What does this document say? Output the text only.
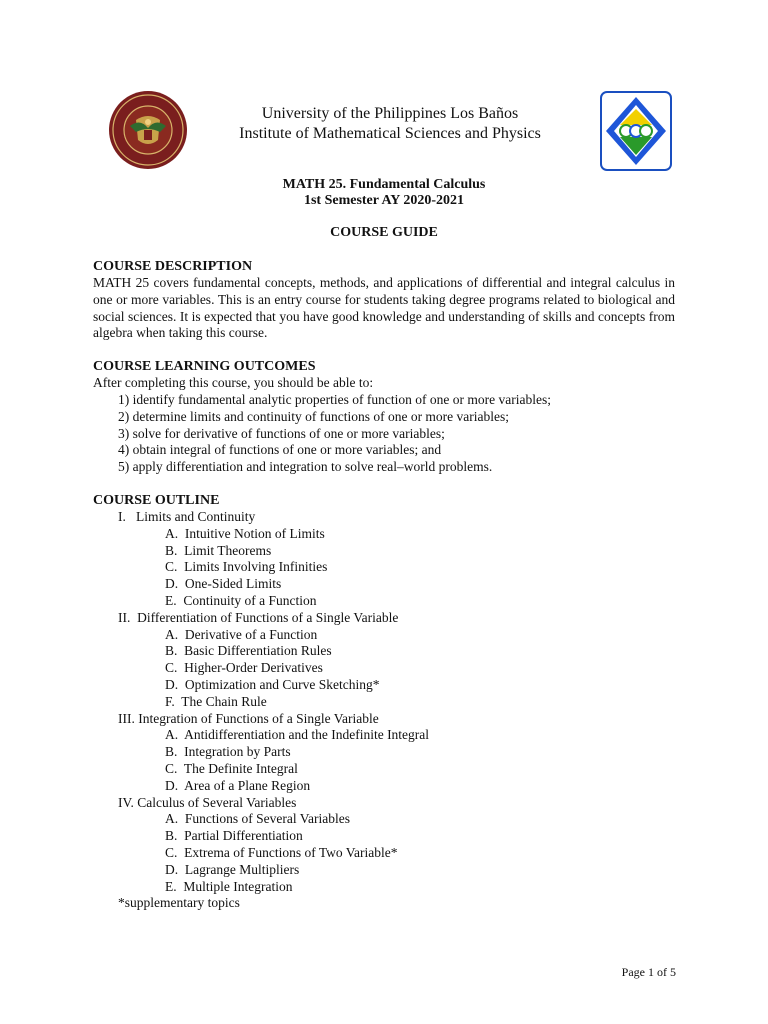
University of the Philippines Los Baños
Institute of Mathematical Sciences and Physics
MATH 25. Fundamental Calculus
1st Semester AY 2020-2021
COURSE GUIDE

COURSE DESCRIPTION

MATH 25 covers fundamental concepts, methods, and applications of differential and integral calculus in one or more variables. This is an entry course for students taking degree programs related to biological and social sciences. It is expected that you have good knowledge and understanding of skills and concepts from algebra when taking this course.

COURSE LEARNING OUTCOMES

After completing this course, you should be able to:

1) identify fundamental analytic properties of function of one or more variables;

2) determine limits and continuity of functions of one or more variables;

3) solve for derivative of functions of one or more variables;

4) obtain integral of functions of one or more variables; and

5) apply differentiation and integration to solve real–world problems.

COURSE OUTLINE

I.   Limits and Continuity

A.  Intuitive Notion of Limits

B.  Limit Theorems

C.  Limits Involving Infinities

D.  One-Sided Limits

E.  Continuity of a Function

II.  Differentiation of Functions of a Single Variable

A.  Derivative of a Function

B.  Basic Differentiation Rules

C.  Higher-Order Derivatives

D.  Optimization and Curve Sketching*

F.  The Chain Rule

III. Integration of Functions of a Single Variable

A.  Antidifferentiation and the Indefinite Integral

B.  Integration by Parts

C.  The Definite Integral

D.  Area of a Plane Region

IV. Calculus of Several Variables

A.  Functions of Several Variables

B.  Partial Differentiation

C.  Extrema of Functions of Two Variable*

D.  Lagrange Multipliers

E.  Multiple Integration

*supplementary topics

Page 1 of 5
